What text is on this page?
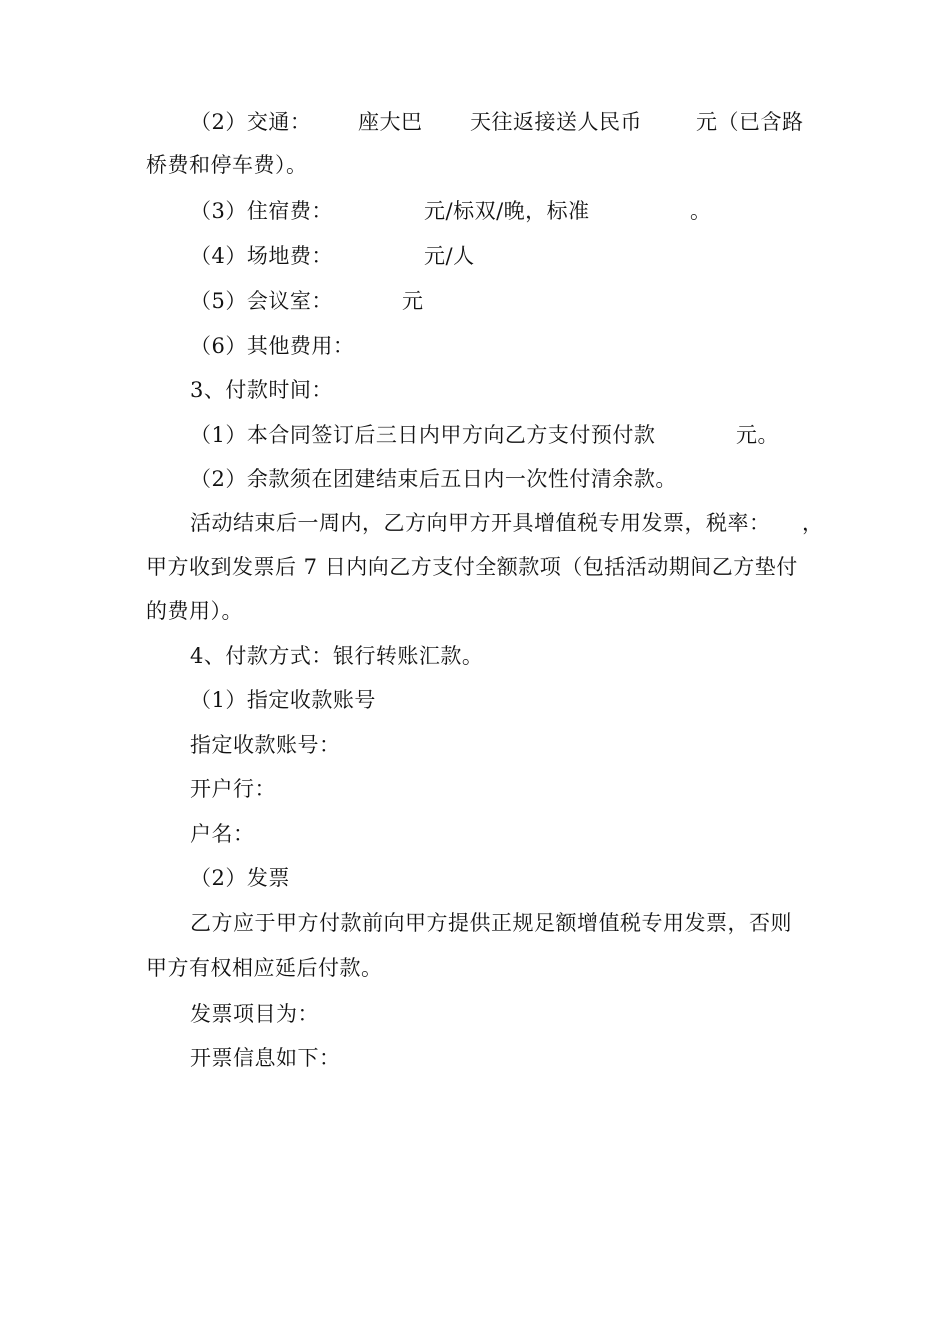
（2）交通：

座大巴

天往返接送人民币

	元（已含路

桥费和停车费）。

（3）住宿费：

	元/标双/晚，标准

	。

（4）场地费：

	元/人

（5）会议室：

	元

（6）其他费用：
3、付款时间：

（1）本合同签订后三日内甲方向乙方支付预付款

	元。

（2）余款须在团建结束后五日内一次性付清余款。

活动结束后一周内，乙方向甲方开具增值税专用发票，税率：

，

甲方收到发票后 7 日内向乙方支付全额款项（包括活动期间乙方垫付
的费用）。
4、付款方式：银行转账汇款。
（1）指定收款账号
指定收款账号：
开户行：
户名：
（2）发票
乙方应于甲方付款前向甲方提供正规足额增值税专用发票，否则
甲方有权相应延后付款。
发票项目为：
开票信息如下：
